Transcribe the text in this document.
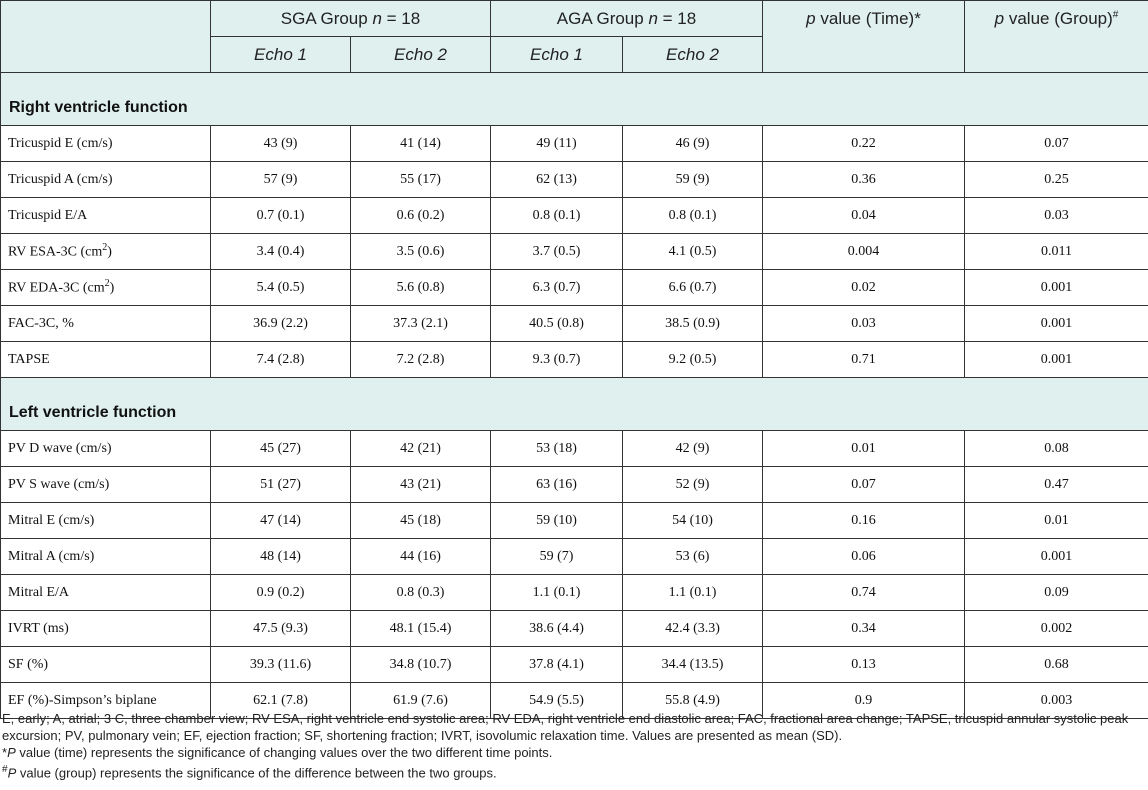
	SGA Group n = 18		AGA Group n = 18		p value (Time)*	p value (Group)#
	Echo 1	Echo 2	Echo 1	Echo 2		
Right ventricle function						
Tricuspid E (cm/s)	43 (9)	41 (14)	49 (11)	46 (9)	0.22	0.07
Tricuspid A (cm/s)	57 (9)	55 (17)	62 (13)	59 (9)	0.36	0.25
Tricuspid E/A	0.7 (0.1)	0.6 (0.2)	0.8 (0.1)	0.8 (0.1)	0.04	0.03
RV ESA-3C $(cm^2)$	3.4 (0.4)	3.5 (0.6)	3.7 (0.5)	4.1 (0.5)	0.004	0.011
RV EDA-3C $(cm^2)$	5.4 (0.5)	5.6 (0.8)	6.3 (0.7)	6.6 (0.7)	0.02	0.001
FAC-3C, %	36.9 (2.2)	37.3 (2.1)	40.5 (0.8)	38.5 (0.9)	0.03	0.001
TAPSE	7.4 (2.8)	7.2 (2.8)	9.3 (0.7)	9.2 (0.5)	0.71	0.001
Left ventricle function						
PV D wave (cm/s)	45 (27)	42 (21)	53 (18)	42 (9)	0.01	0.08
PV S wave (cm/s)	51 (27)	43 (21)	63 (16)	52 (9)	0.07	0.47
Mitral E (cm/s)	47 (14)	45 (18)	59 (10)	54 (10)	0.16	0.01
Mitral A (cm/s)	48 (14)	44 (16)	59 (7)	53 (6)	0.06	0.001
Mitral E/A	0.9 (0.2)	0.8 (0.3)	1.1 (0.1)	1.1 (0.1)	0.74	0.09
IVRT (ms)	47.5 (9.3)	48.1 (15.4)	38.6 (4.4)	42.4 (3.3)	0.34	0.002
SF (%)	39.3 (11.6)	34.8 (10.7)	37.8 (4.1)	34.4 (13.5)	0.13	0.68
EF (%)-Simpson’s biplane	62.1 (7.8)	61.9 (7.6)	54.9 (5.5)	55.8 (4.9)	0.9	0.003

E, early; A, atrial; 3 C, three chamber view; RV ESA, right ventricle end systolic area; RV EDA, right ventricle end diastolic area; FAC, fractional area change; TAPSE, tricuspid annular systolic peak excursion; PV, pulmonary vein; EF, ejection fraction; SF, shortening fraction; IVRT, isovolumic relaxation time. Values are presented as mean (SD).

*P value (time) represents the significance of changing values over the two different time points.

#P value (group) represents the significance of the difference between the two groups.
